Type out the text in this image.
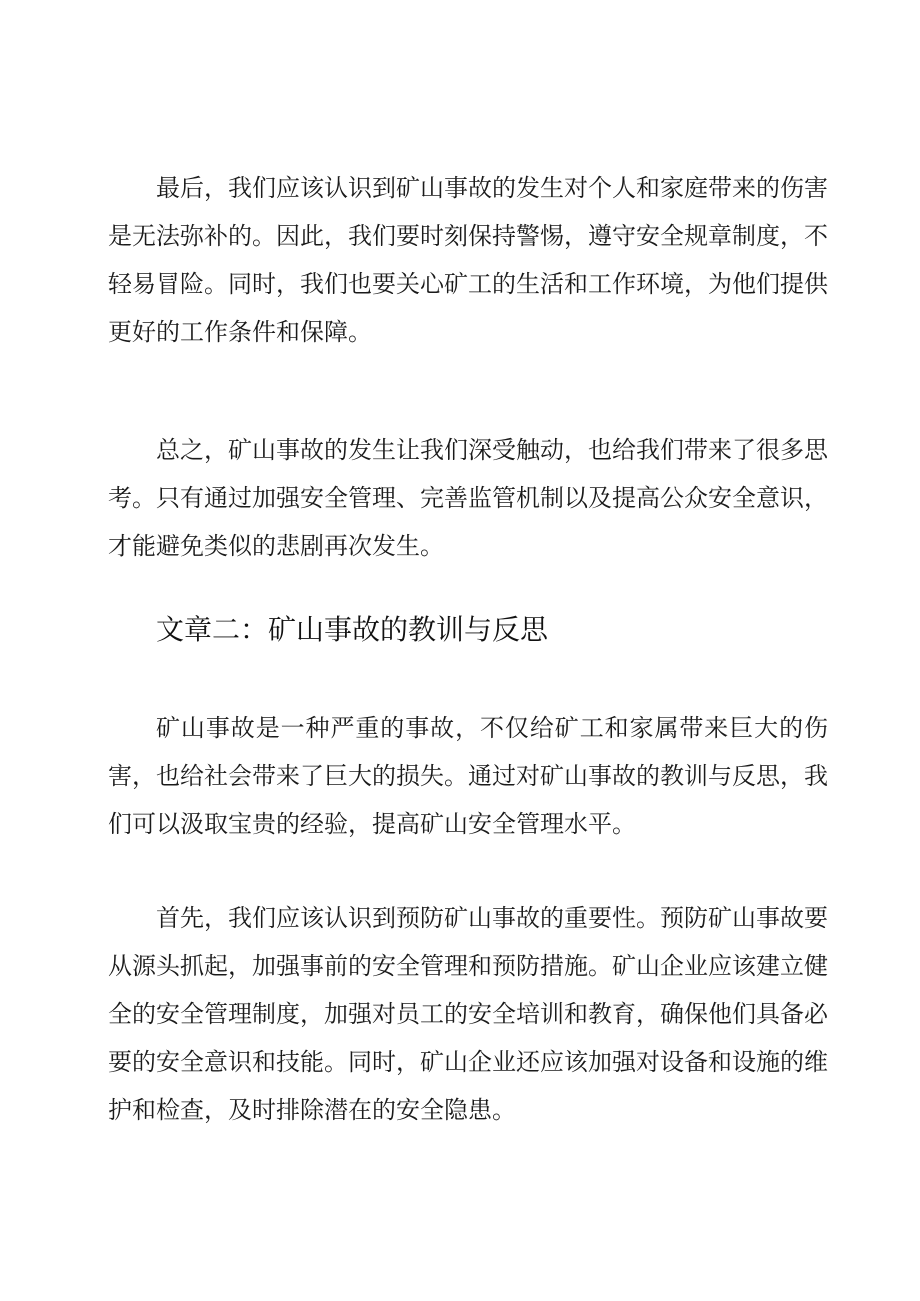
最后，我们应该认识到矿山事故的发生对个人和家庭带来的伤害是无法弥补的。因此，我们要时刻保持警惕，遵守安全规章制度，不轻易冒险。同时，我们也要关心矿工的生活和工作环境，为他们提供更好的工作条件和保障。

总之，矿山事故的发生让我们深受触动，也给我们带来了很多思考。只有通过加强安全管理、完善监管机制以及提高公众安全意识，才能避免类似的悲剧再次发生。

文章二：矿山事故的教训与反思

矿山事故是一种严重的事故，不仅给矿工和家属带来巨大的伤害，也给社会带来了巨大的损失。通过对矿山事故的教训与反思，我们可以汲取宝贵的经验，提高矿山安全管理水平。

首先，我们应该认识到预防矿山事故的重要性。预防矿山事故要从源头抓起，加强事前的安全管理和预防措施。矿山企业应该建立健全的安全管理制度，加强对员工的安全培训和教育，确保他们具备必要的安全意识和技能。同时，矿山企业还应该加强对设备和设施的维护和检查，及时排除潜在的安全隐患。
